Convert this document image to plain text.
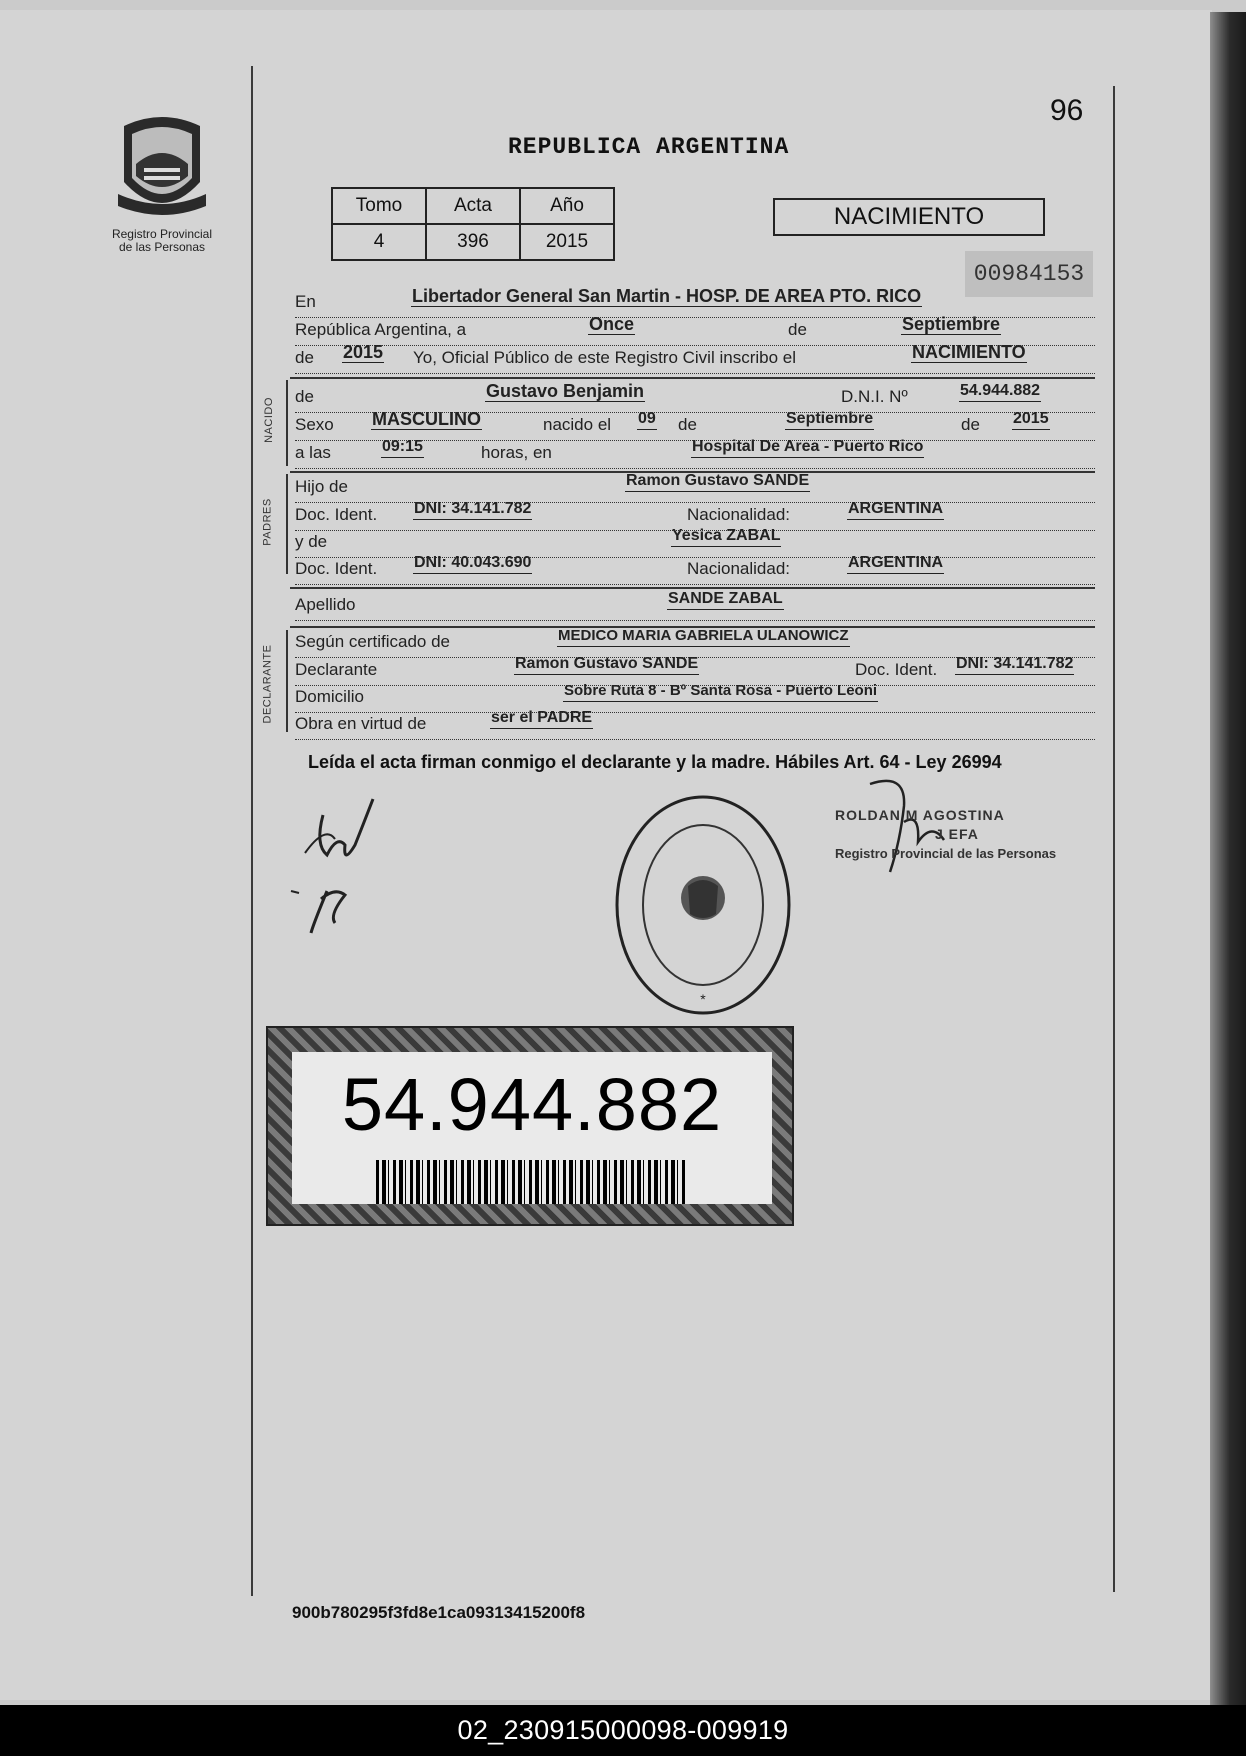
Registro Provincial
de las Personas
96
REPUBLICA ARGENTINA
Tomo	Acta	Año
4	396	2015
NACIMIENTO
00984153
En	Libertador General San Martin - HOSP. DE AREA PTO. RICO
República Argentina, a	Once	de	Septiembre
de 2015 Yo, Oficial Público de este Registro Civil inscribo el	NACIMIENTO
NACIDO
de	Gustavo Benjamin	D.N.I. Nº	54.944.882
Sexo MASCULINO	nacido el 09 de	Septiembre	de 2015
a las	09:15	horas, en	Hospital De Area - Puerto Rico
PADRES
Hijo de	Ramon Gustavo SANDE
Doc. Ident. DNI: 34.141.782	Nacionalidad:	ARGENTINA
y de	Yesica ZABAL
Doc. Ident. DNI: 40.043.690	Nacionalidad:	ARGENTINA
Apellido	SANDE ZABAL
DECLARANTE
Según certificado de	MEDICO MARIA GABRIELA ULANOWICZ
Declarante	Ramon Gustavo SANDE	Doc. Ident. DNI: 34.141.782
Domicilio	Sobre Ruta 8 - Bº Santa Rosa - Puerto Leoni
Obra en virtud de	ser el PADRE
Leída el acta firman conmigo el declarante y la madre. Hábiles Art. 64 - Ley 26994
*
ROLDAN M AGOSTINA
J EFA
Registro Provincial de las Personas
54.944.882
900b780295f3fd8e1ca09313415200f8
02_230915000098-009919
